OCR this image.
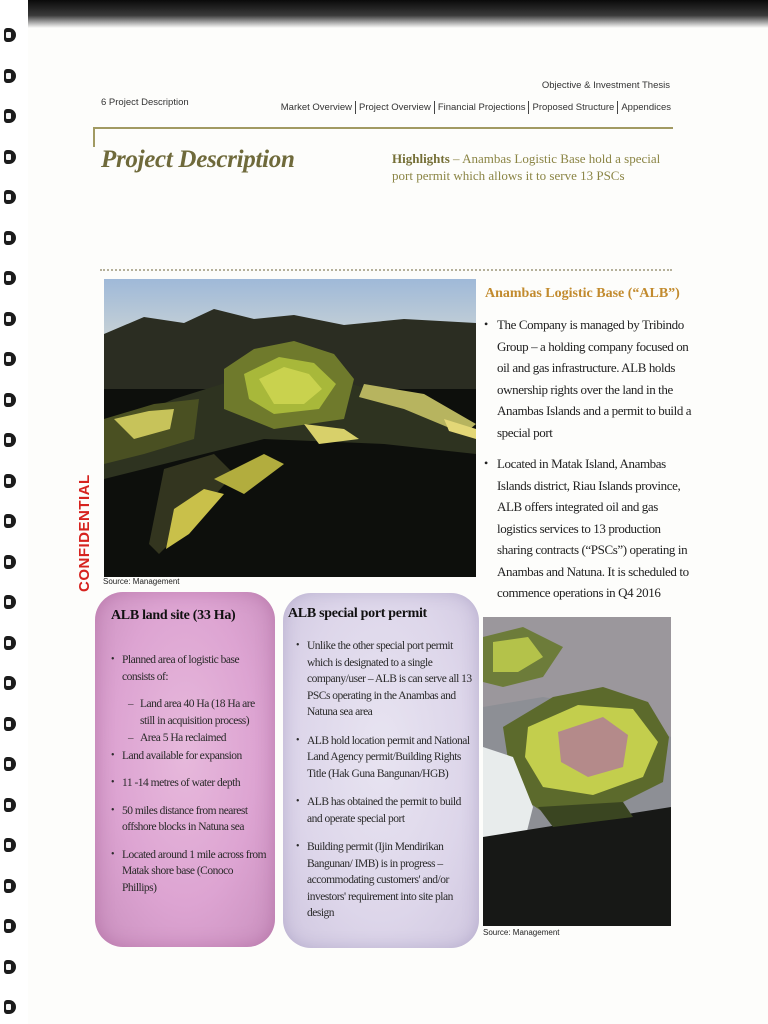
6 Project Description
Objective & Investment Thesis
Market Overview Project Overview Financial Projections Proposed Structure Appendices
Project Description	Highlights – Anambas Logistic Base hold a special port permit which allows it to serve 13 PSCs
CONFIDENTIAL Source: Management
Anambas Logistic Base (“ALB”)
• The Company is managed by Tribindo Group – a holding company focused on oil and gas infrastructure. ALB holds ownership rights over the land in the Anambas Islands and a permit to build a special port
• Located in Matak Island, Anambas Islands district, Riau Islands province, ALB offers integrated oil and gas logistics services to 13 production sharing contracts (“PSCs”) operating in Anambas and Natuna. It is scheduled to commence operations in Q4 2016
ALB land site (33 Ha)
• Planned area of logistic base consists of:
– Land area 40 Ha (18 Ha are still in acquisition process)
– Area 5 Ha reclaimed
• Land available for expansion
• 11 -14 metres of water depth
• 50 miles distance from nearest offshore blocks in Natuna sea
• Located around 1 mile across from Matak shore base (Conoco Phillips)
ALB special port permit
• Unlike the other special port permit which is designated to a single company/user – ALB is can serve all 13 PSCs operating in the Anambas and Natuna sea area
• ALB hold location permit and National Land Agency permit/Building Rights Title (Hak Guna Bangunan/HGB)
• ALB has obtained the permit to build and operate special port
• Building permit (Ijin Mendirikan Bangunan/ IMB) is in progress – accommodating customers' and/or investors' requirement into site plan design
Source: Management
